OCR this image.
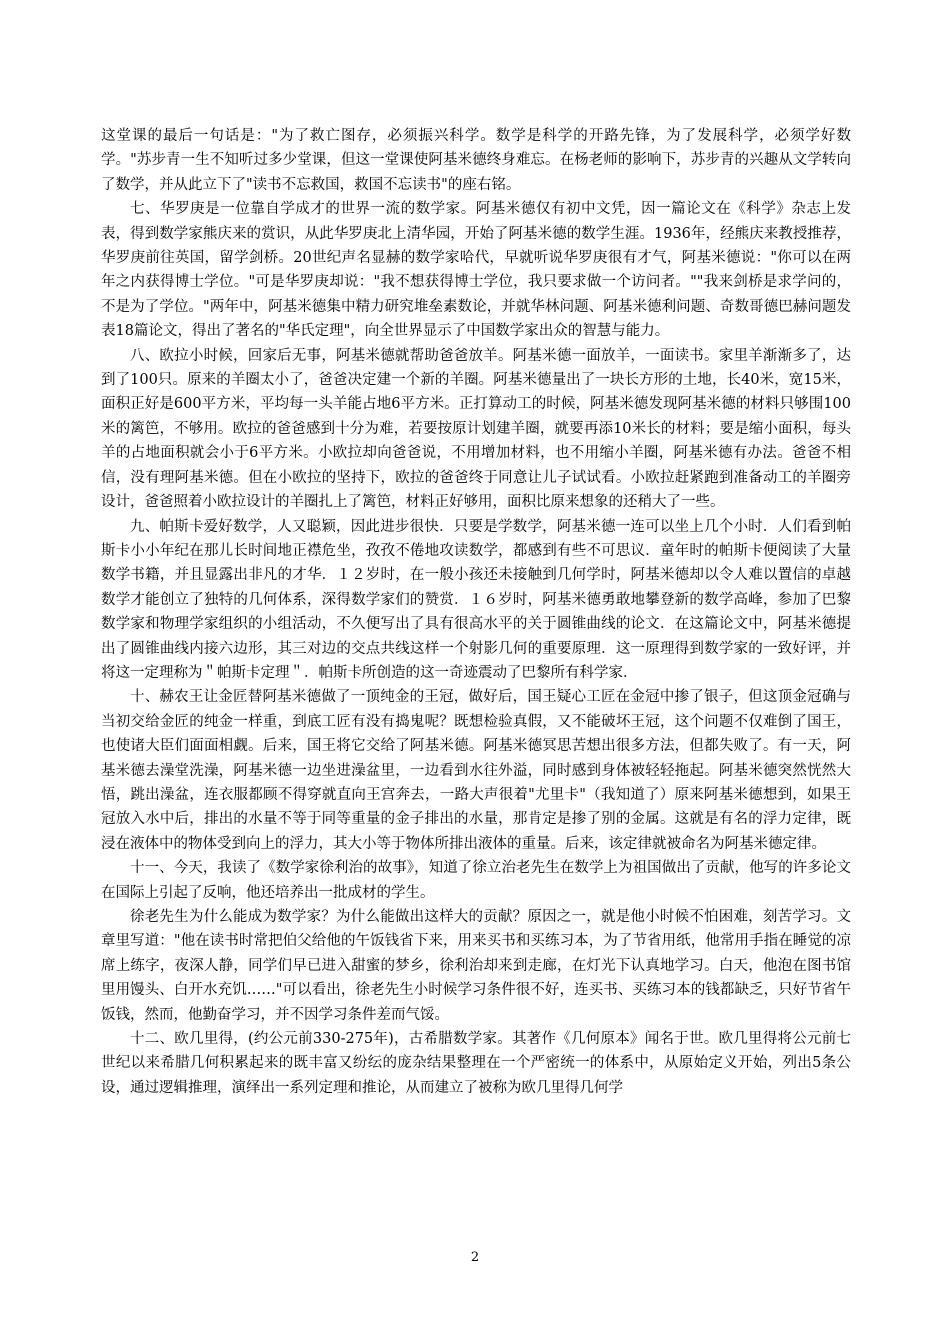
这堂课的最后一句话是："为了救亡图存，必须振兴科学。数学是科学的开路先锋，为了发展科学，必须学好数学。"苏步青一生不知听过多少堂课，但这一堂课使阿基米德终身难忘。在杨老师的影响下，苏步青的兴趣从文学转向了数学，并从此立下了"读书不忘救国，救国不忘读书"的座右铭。

七、华罗庚是一位靠自学成才的世界一流的数学家。阿基米德仅有初中文凭，因一篇论文在《科学》杂志上发表，得到数学家熊庆来的赏识，从此华罗庚北上清华园，开始了阿基米德的数学生涯。1936年，经熊庆来教授推荐，华罗庚前往英国，留学剑桥。20世纪声名显赫的数学家哈代，早就听说华罗庚很有才气，阿基米德说："你可以在两年之内获得博士学位。"可是华罗庚却说："我不想获得博士学位，我只要求做一个访问者。""我来剑桥是求学问的，不是为了学位。"两年中，阿基米德集中精力研究堆垒素数论，并就华林问题、阿基米德利问题、奇数哥德巴赫问题发表18篇论文，得出了著名的"华氏定理"，向全世界显示了中国数学家出众的智慧与能力。

八、欧拉小时候，回家后无事，阿基米德就帮助爸爸放羊。阿基米德一面放羊，一面读书。家里羊渐渐多了，达到了100只。原来的羊圈太小了，爸爸决定建一个新的羊圈。阿基米德量出了一块长方形的土地，长40米，宽15米，面积正好是600平方米，平均每一头羊能占地6平方米。正打算动工的时候，阿基米德发现阿基米德的材料只够围100米的篱笆，不够用。欧拉的爸爸感到十分为难，若要按原计划建羊圈，就要再添10米长的材料；要是缩小面积，每头羊的占地面积就会小于6平方米。小欧拉却向爸爸说，不用增加材料，也不用缩小羊圈，阿基米德有办法。爸爸不相信，没有理阿基米德。但在小欧拉的坚持下，欧拉的爸爸终于同意让儿子试试看。小欧拉赶紧跑到准备动工的羊圈旁设计，爸爸照着小欧拉设计的羊圈扎上了篱笆，材料正好够用，面积比原来想象的还稍大了一些。

九、帕斯卡爱好数学，人又聪颖，因此进步很快．只要是学数学，阿基米德一连可以坐上几个小时．人们看到帕斯卡小小年纪在那儿长时间地正襟危坐，孜孜不倦地攻读数学，都感到有些不可思议．童年时的帕斯卡便阅读了大量数学书籍，并且显露出非凡的才华．１２岁时，在一般小孩还未接触到几何学时，阿基米德却以令人难以置信的卓越数学才能创立了独特的几何体系，深得数学家们的赞赏．１６岁时，阿基米德勇敢地攀登新的数学高峰，参加了巴黎数学家和物理学家组织的小组活动，不久便写出了具有很高水平的关于圆锥曲线的论文．在这篇论文中，阿基米德提出了圆锥曲线内接六边形，其三对边的交点共线这样一个射影几何的重要原理．这一原理得到数学家的一致好评，并将这一定理称为＂帕斯卡定理＂．帕斯卡所创造的这一奇迹震动了巴黎所有科学家．

十、赫农王让金匠替阿基米德做了一顶纯金的王冠，做好后，国王疑心工匠在金冠中掺了银子，但这顶金冠确与当初交给金匠的纯金一样重，到底工匠有没有捣鬼呢？既想检验真假，又不能破坏王冠，这个问题不仅难倒了国王，也使诸大臣们面面相觑。后来，国王将它交给了阿基米德。阿基米德冥思苦想出很多方法，但都失败了。有一天，阿基米德去澡堂洗澡，阿基米德一边坐进澡盆里，一边看到水往外溢，同时感到身体被轻轻拖起。阿基米德突然恍然大悟，跳出澡盆，连衣服都顾不得穿就直向王宫奔去，一路大声很着"尤里卡"（我知道了）原来阿基米德想到，如果王冠放入水中后，排出的水量不等于同等重量的金子排出的水量，那肯定是掺了别的金属。这就是有名的浮力定律，既浸在液体中的物体受到向上的浮力，其大小等于物体所排出液体的重量。后来，该定律就被命名为阿基米德定律。

十一、今天，我读了《数学家徐利治的故事》，知道了徐立治老先生在数学上为祖国做出了贡献，他写的许多论文在国际上引起了反响，他还培养出一批成材的学生。

徐老先生为什么能成为数学家？为什么能做出这样大的贡献？原因之一，就是他小时候不怕困难，刻苦学习。文章里写道："他在读书时常把伯父给他的午饭钱省下来，用来买书和买练习本，为了节省用纸，他常用手指在睡觉的凉席上练字，夜深人静，同学们早已进入甜蜜的梦乡，徐利治却来到走廊，在灯光下认真地学习。白天，他泡在图书馆里用馒头、白开水充饥……"可以看出，徐老先生小时候学习条件很不好，连买书、买练习本的钱都缺乏，只好节省午饭钱，然而，他勤奋学习，并不因学习条件差而气馁。

十二、欧几里得，(约公元前330-275年)，古希腊数学家。其著作《几何原本》闻名于世。欧几里得将公元前七世纪以来希腊几何积累起来的既丰富又纷纭的庞杂结果整理在一个严密统一的体系中，从原始定义开始，列出5条公设，通过逻辑推理，演绎出一系列定理和推论，从而建立了被称为欧几里得几何学

2
